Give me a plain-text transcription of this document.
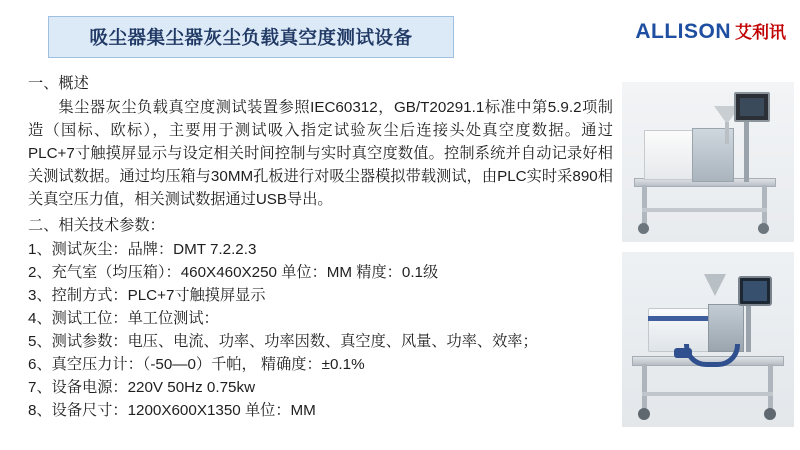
吸尘器集尘器灰尘负载真空度测试设备	ALLISON 艾利讯

一、概述

集尘器灰尘负载真空度测试装置参照IEC60312，GB/T20291.1标准中第5.9.2项制造（国标、欧标），主要用于测试吸入指定试验灰尘后连接头处真空度数据。通过PLC+7寸触摸屏显示与设定相关时间控制与实时真空度数值。控制系统并自动记录好相关测试数据。通过均压箱与30MM孔板进行对吸尘器模拟带载测试，由PLC实时采890相关真空压力值，相关测试数据通过USB导出。

二、相关技术参数：

1、测试灰尘：品牌：DMT 7.2.2.3

2、充气室（均压箱）：460X460X250 单位：MM 精度：0.1级

3、控制方式：PLC+7寸触摸屏显示

4、测试工位：单工位测试：

5、测试参数：电压、电流、功率、功率因数、真空度、风量、功率、效率；

6、真空压力计：（-50—0）千帕， 精确度：±0.1%

7、设备电源：220V 50Hz 0.75kw

8、设备尺寸：1200X600X1350 单位：MM
